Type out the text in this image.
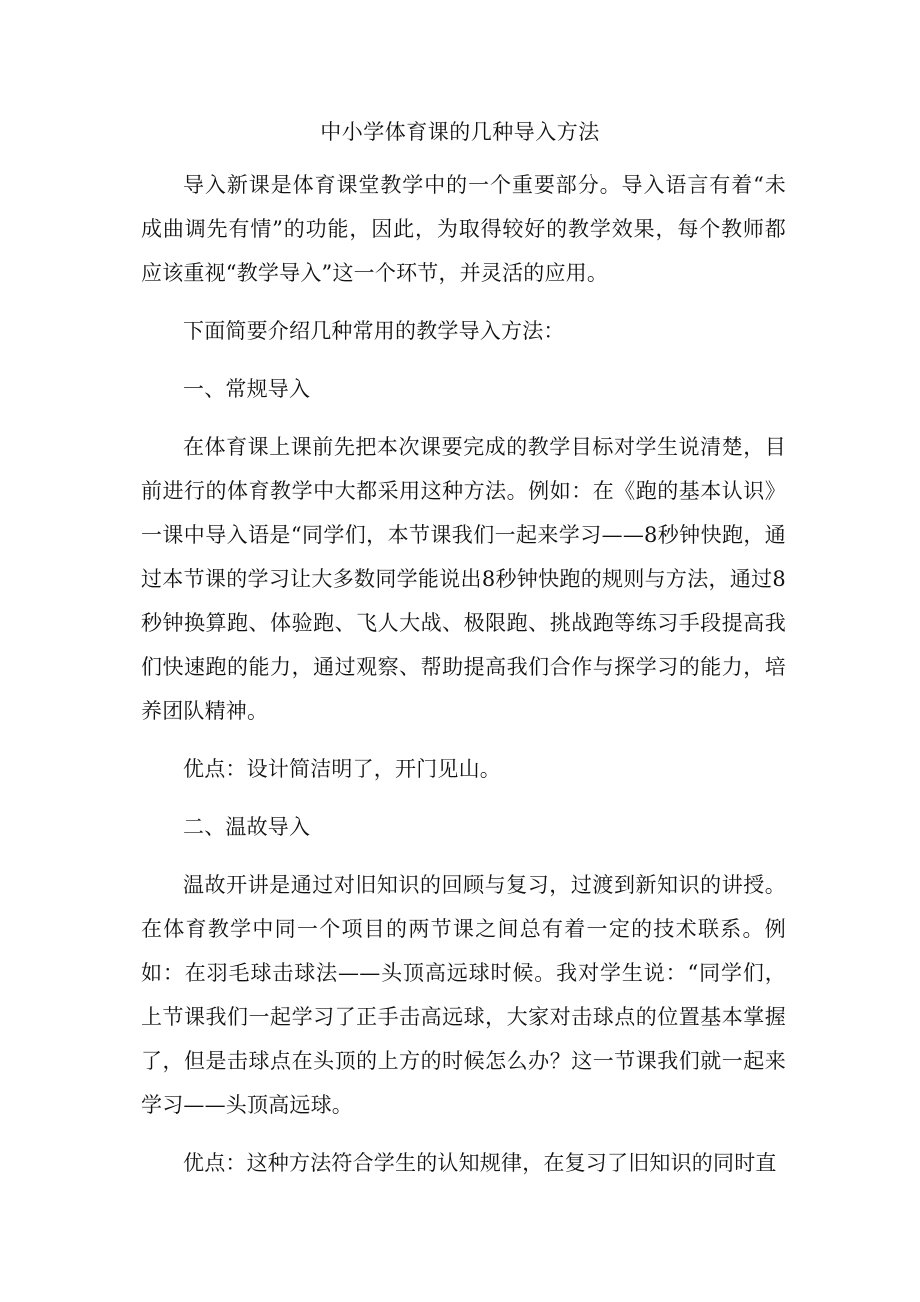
中小学体育课的几种导入方法

导入新课是体育课堂教学中的一个重要部分。导入语言有着“未成曲调先有情”的功能，因此，为取得较好的教学效果，每个教师都应该重视“教学导入”这一个环节，并灵活的应用。

下面简要介绍几种常用的教学导入方法：

一、常规导入

在体育课上课前先把本次课要完成的教学目标对学生说清楚，目前进行的体育教学中大都采用这种方法。例如：在《跑的基本认识》一课中导入语是“同学们，本节课我们一起来学习——8秒钟快跑，通过本节课的学习让大多数同学能说出8秒钟快跑的规则与方法，通过8秒钟换算跑、体验跑、飞人大战、极限跑、挑战跑等练习手段提高我们快速跑的能力，通过观察、帮助提高我们合作与探学习的能力，培养团队精神。

优点：设计简洁明了，开门见山。

二、温故导入

温故开讲是通过对旧知识的回顾与复习，过渡到新知识的讲授。在体育教学中同一个项目的两节课之间总有着一定的技术联系。例如：在羽毛球击球法——头顶高远球时候。我对学生说：“同学们，上节课我们一起学习了正手击高远球，大家对击球点的位置基本掌握了，但是击球点在头顶的上方的时候怎么办？这一节课我们就一起来学习——头顶高远球。

优点：这种方法符合学生的认知规律，在复习了旧知识的同时直
